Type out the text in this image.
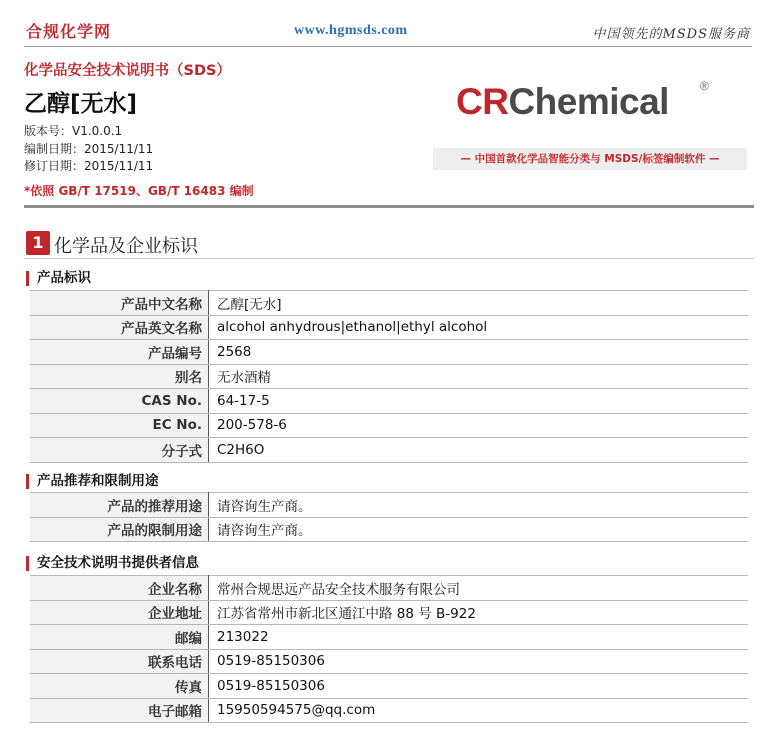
合规化学网	www.hgmsds.com	中国领先的MSDS服务商
化学品安全技术说明书（SDS）
乙醇[无水]
版本号：V1.0.0.1
编制日期：2015/11/11
修订日期：2015/11/11
*依照 GB/T 17519、GB/T 16483 编制
CRChemical	®
— 中国首款化学品智能分类与 MSDS/标签编制软件 —
1 化学品及企业标识
产品标识
产品中文名称	乙醇[无水]
产品英文名称	alcohol anhydrous|ethanol|ethyl alcohol
产品编号	2568
别名	无水酒精
CAS No.	64-17-5
EC No.	200-578-6
分子式	C2H6O
产品推荐和限制用途
产品的推荐用途	请咨询生产商。
产品的限制用途	请咨询生产商。
安全技术说明书提供者信息
企业名称	常州合规思远产品安全技术服务有限公司
企业地址	江苏省常州市新北区通江中路 88 号 B-922
邮编	213022
联系电话	0519-85150306
传真	0519-85150306
电子邮箱	15950594575@qq.com
